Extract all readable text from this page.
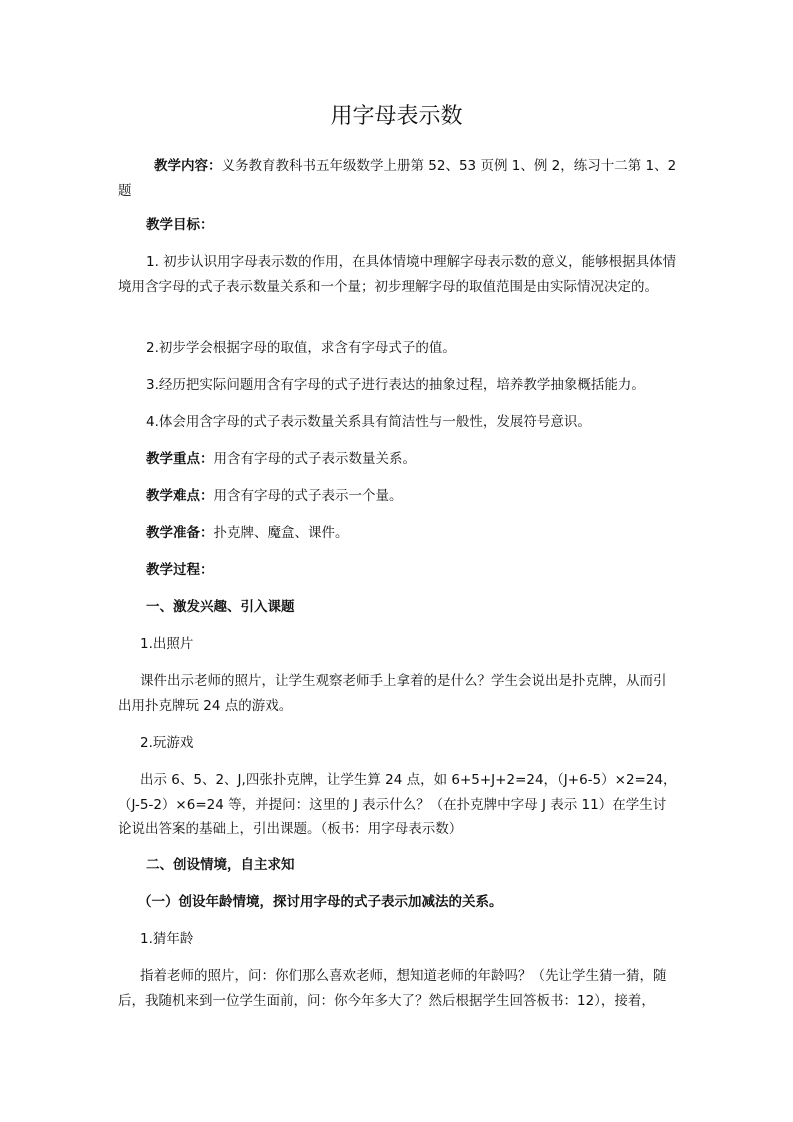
用字母表示数
教学内容：义务教育教科书五年级数学上册第 52、53 页例 1、例 2，练习十二第 1、2 题
教学目标：
1. 初步认识用字母表示数的作用，在具体情境中理解字母表示数的意义，能够根据具体情境用含字母的式子表示数量关系和一个量；初步理解字母的取值范围是由实际情况决定的。
2.初步学会根据字母的取值，求含有字母式子的值。
3.经历把实际问题用含有字母的式子进行表达的抽象过程，培养教学抽象概括能力。
4.体会用含字母的式子表示数量关系具有简洁性与一般性，发展符号意识。
教学重点：用含有字母的式子表示数量关系。
教学难点：用含有字母的式子表示一个量。
教学准备：扑克牌、魔盒、课件。
教学过程：
一、激发兴趣、引入课题
1.出照片
课件出示老师的照片，让学生观察老师手上拿着的是什么？学生会说出是扑克牌，从而引出用扑克牌玩 24 点的游戏。
2.玩游戏
出示 6、5、2、J,四张扑克牌，让学生算 24 点，如 6+5+J+2=24，（J+6-5）×2=24，（J-5-2）×6=24 等，并提问：这里的 J 表示什么？（在扑克牌中字母 J 表示 11）在学生讨论说出答案的基础上，引出课题。（板书：用字母表示数）
二、创设情境，自主求知
（一）创设年龄情境，探讨用字母的式子表示加减法的关系。
1.猜年龄
指着老师的照片，问：你们那么喜欢老师，想知道老师的年龄吗？（先让学生猜一猜，随后，我随机来到一位学生面前，问：你今年多大了？然后根据学生回答板书：12），接着，
